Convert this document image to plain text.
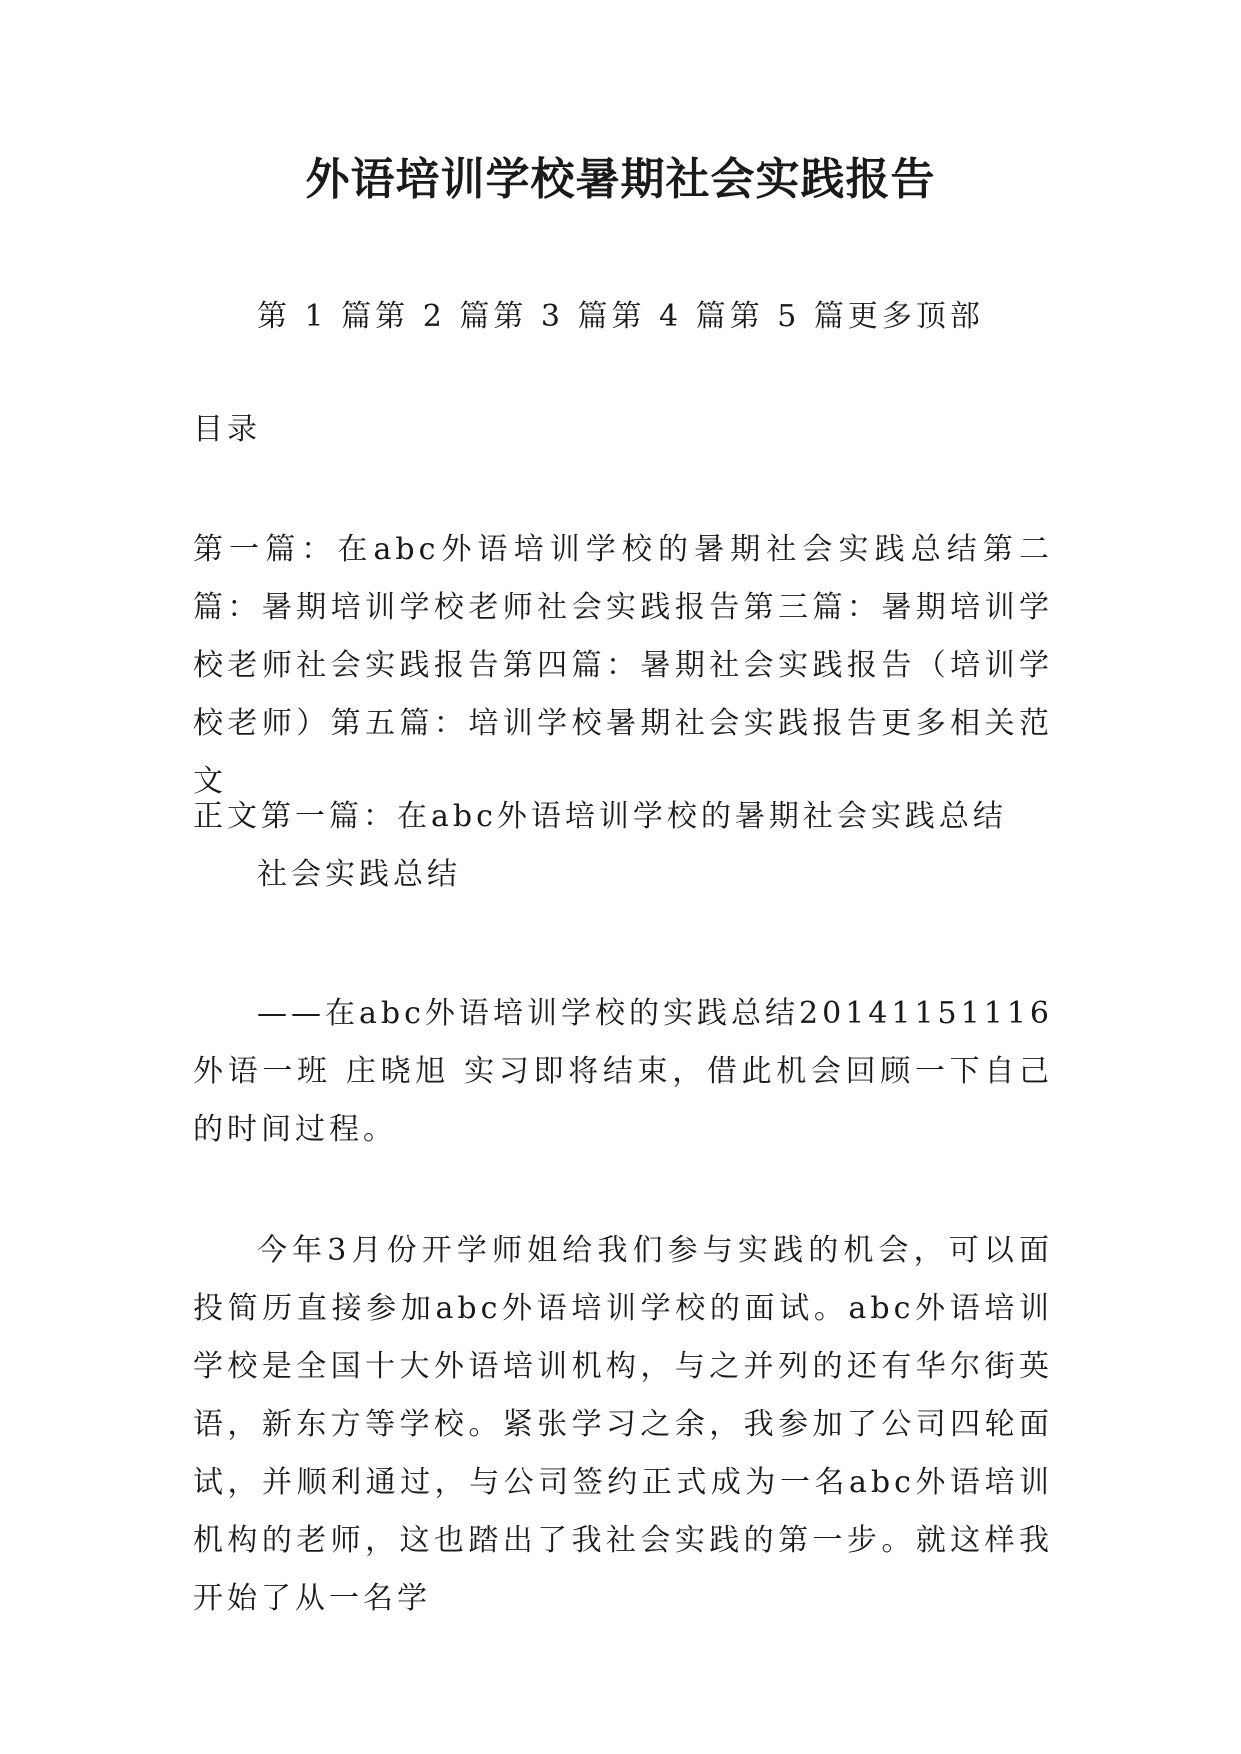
外语培训学校暑期社会实践报告
第 1 篇第 2 篇第 3 篇第 4 篇第 5 篇更多顶部
目录
第一篇：在abc外语培训学校的暑期社会实践总结第二篇：暑期培训学校老师社会实践报告第三篇：暑期培训学校老师社会实践报告第四篇：暑期社会实践报告（培训学校老师）第五篇：培训学校暑期社会实践报告更多相关范文
正文第一篇：在abc外语培训学校的暑期社会实践总结
社会实践总结
——在abc外语培训学校的实践总结20141151116外语一班 庄晓旭 实习即将结束，借此机会回顾一下自己的时间过程。
今年3月份开学师姐给我们参与实践的机会，可以面投简历直接参加abc外语培训学校的面试。abc外语培训学校是全国十大外语培训机构，与之并列的还有华尔街英语，新东方等学校。紧张学习之余，我参加了公司四轮面试，并顺利通过，与公司签约正式成为一名abc外语培训机构的老师，这也踏出了我社会实践的第一步。就这样我开始了从一名学
